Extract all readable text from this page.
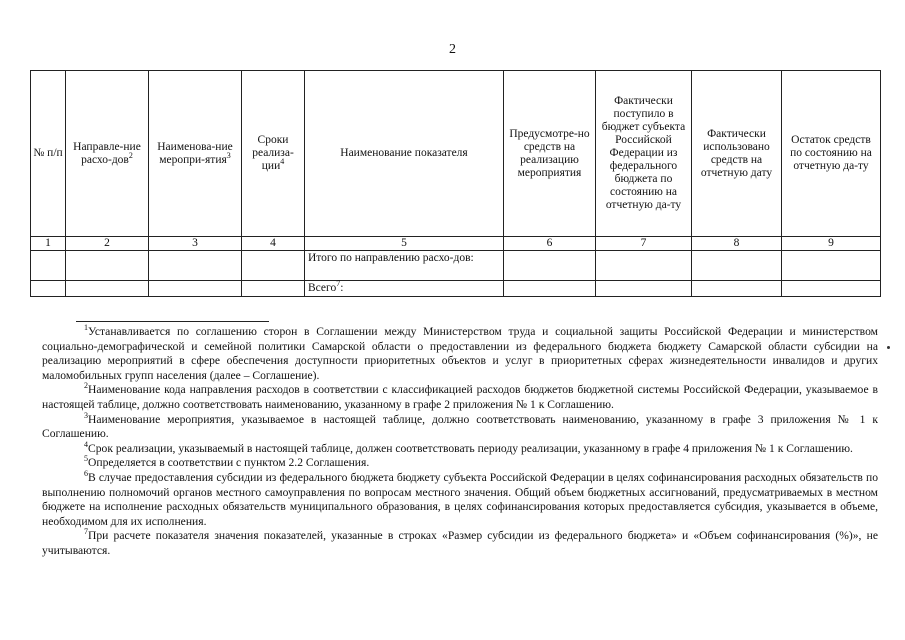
2
№ п/п	Направле-ние расхо-дов$^2$	Наименова-ние меропри-ятия$^3$	Сроки реализа-ции$^4$	Наименование показателя	Предусмотре-но средств на реализацию мероприятия	Фактически поступило в бюджет субъекта Российской Федерации из федерального бюджета по состоянию на отчетную да-ту	Фактически использовано средств на отчетную дату	Остаток средств по состоянию на отчетную да-ту
1	2	3	4	5	6	7	8	9
				Итого по направлению расхо-дов:				
				Всего$^7$:				

$^1$Устанавливается по соглашению сторон в Соглашении между Министерством труда и социальной защиты Российской Федерации и министерством социально-демографической и семейной политики Самарской области о предоставлении из федерального бюджета бюджету Самарской области субсидии на реализацию мероприятий в сфере обеспечения доступности приоритетных объектов и услуг в приоритетных сферах жизнедеятельности инвалидов и других маломобильных групп населения (далее – Соглашение).

$^2$Наименование кода направления расходов в соответствии с классификацией расходов бюджетов бюджетной системы Российской Федерации, указываемое в настоящей таблице, должно соответствовать наименованию, указанному в графе 2 приложения № 1 к Соглашению.

$^3$Наименование мероприятия, указываемое в настоящей таблице, должно соответствовать наименованию, указанному в графе 3 приложения № 1 к Соглашению.

$^4$Срок реализации, указываемый в настоящей таблице, должен соответствовать периоду реализации, указанному в графе 4 приложения № 1 к Соглашению.

$^5$Определяется в соответствии с пунктом 2.2 Соглашения.

$^6$В случае предоставления субсидии из федерального бюджета бюджету субъекта Российской Федерации в целях софинансирования расходных обязательств по выполнению полномочий органов местного самоуправления по вопросам местного значения. Общий объем бюджетных ассигнований, предусматриваемых в местном бюджете на исполнение расходных обязательств муниципального образования, в целях софинансирования которых предоставляется субсидия, указывается в объеме, необходимом для их исполнения.

$^7$При расчете показателя значения показателей, указанные в строках «Размер субсидии из федерального бюджета» и «Объем софинансирования (%)», не учитываются.
